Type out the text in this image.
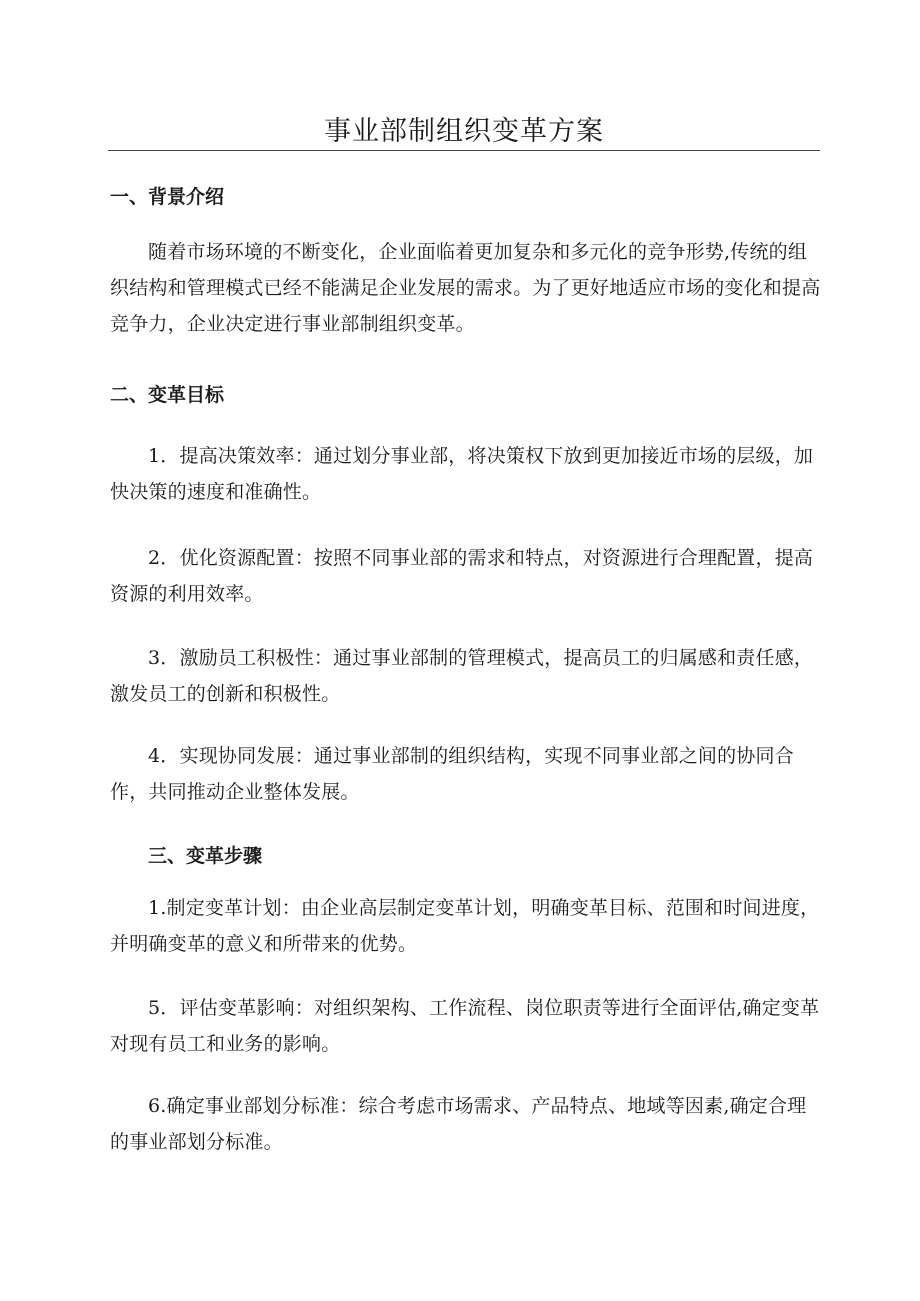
事业部制组织变革方案
一、背景介绍

随着市场环境的不断变化，企业面临着更加复杂和多元化的竞争形势,传统的组织结构和管理模式已经不能满足企业发展的需求。为了更好地适应市场的变化和提高竞争力，企业决定进行事业部制组织变革。

二、变革目标

1．提高决策效率：通过划分事业部，将决策权下放到更加接近市场的层级，加快决策的速度和准确性。

2．优化资源配置：按照不同事业部的需求和特点，对资源进行合理配置，提高资源的利用效率。

3．激励员工积极性：通过事业部制的管理模式，提高员工的归属感和责任感，激发员工的创新和积极性。

4．实现协同发展：通过事业部制的组织结构，实现不同事业部之间的协同合作，共同推动企业整体发展。

三、变革步骤

1.制定变革计划：由企业高层制定变革计划，明确变革目标、范围和时间进度，并明确变革的意义和所带来的优势。

5．评估变革影响：对组织架构、工作流程、岗位职责等进行全面评估,确定变革对现有员工和业务的影响。

6.确定事业部划分标准：综合考虑市场需求、产品特点、地域等因素,确定合理的事业部划分标准。
